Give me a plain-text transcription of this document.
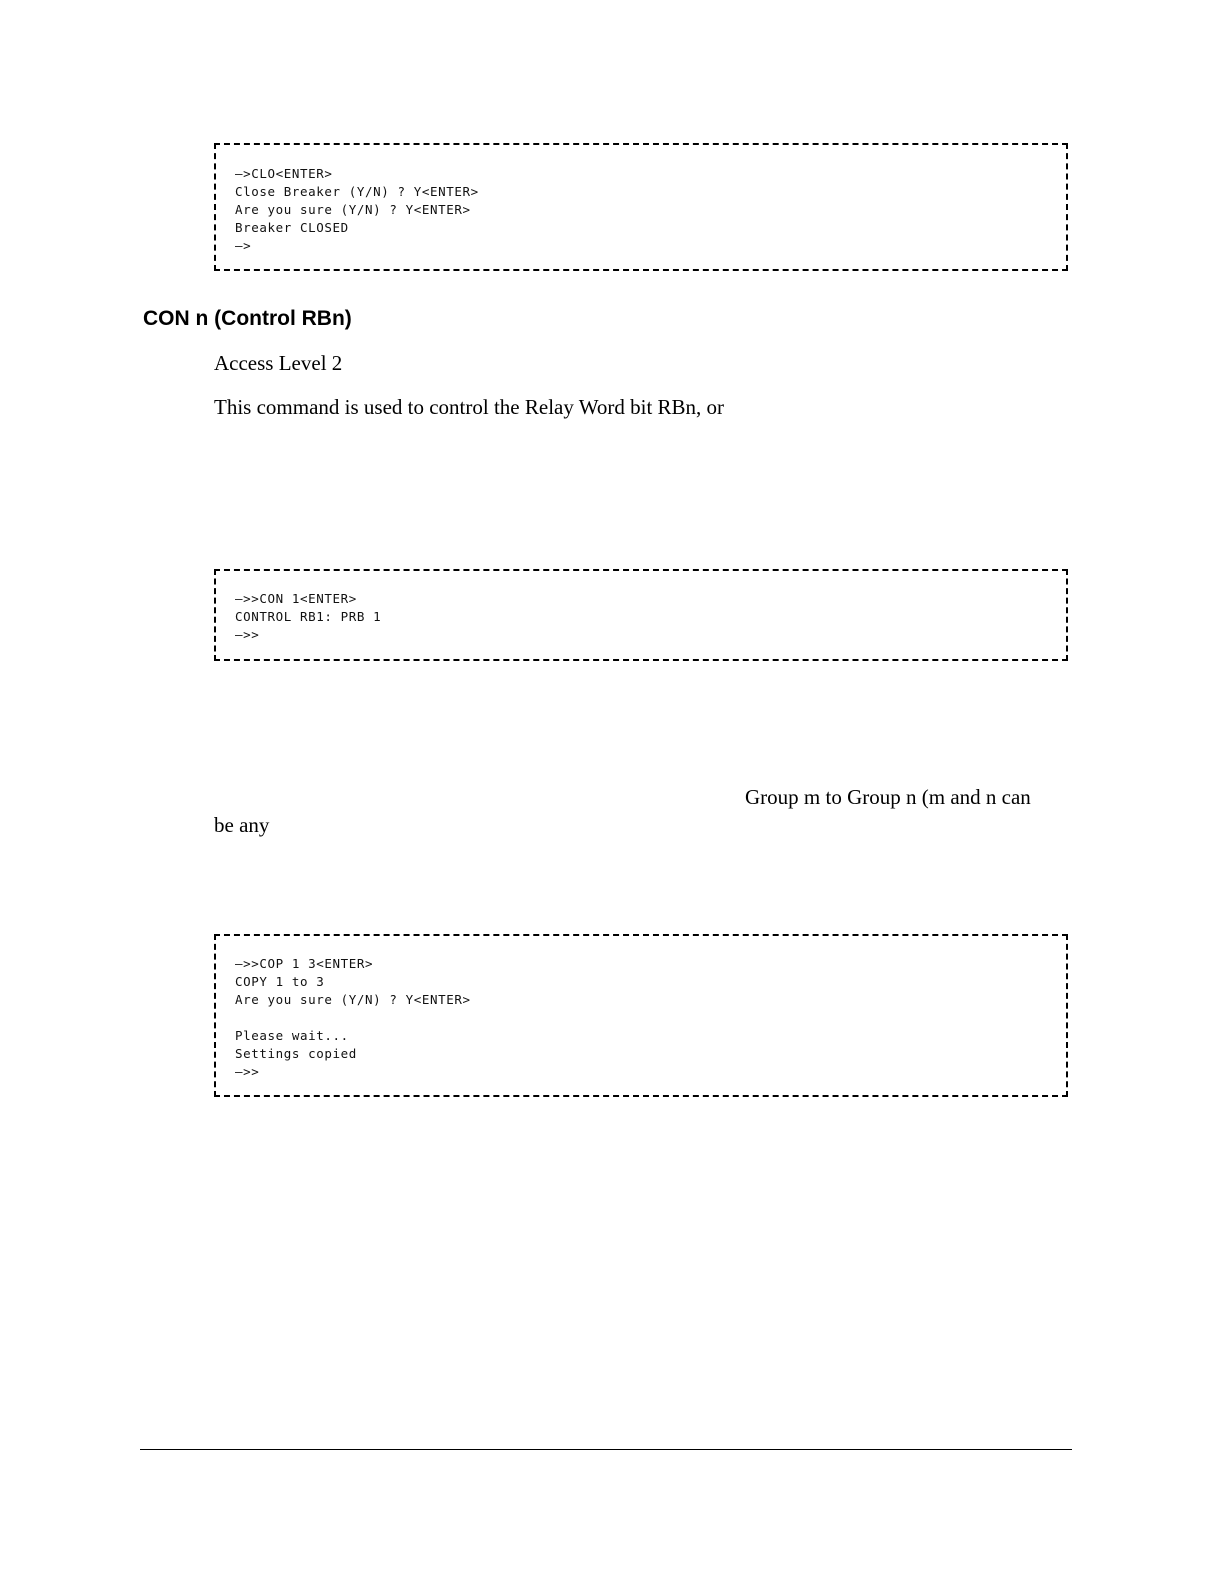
—>CLO<ENTER>
Close Breaker (Y/N) ? Y<ENTER>
Are you sure (Y/N) ? Y<ENTER>
Breaker CLOSED
—>
CON n (Control RBn)
Access Level 2
This command is used to control the Relay Word bit RBn, or
—>>CON 1<ENTER>
CONTROL RB1: PRB 1
—>>
Group m to Group n (m and n can
be any
—>>COP 1 3<ENTER>
COPY 1 to 3
Are you sure (Y/N) ? Y<ENTER>
Please wait...
Settings copied
—>>
